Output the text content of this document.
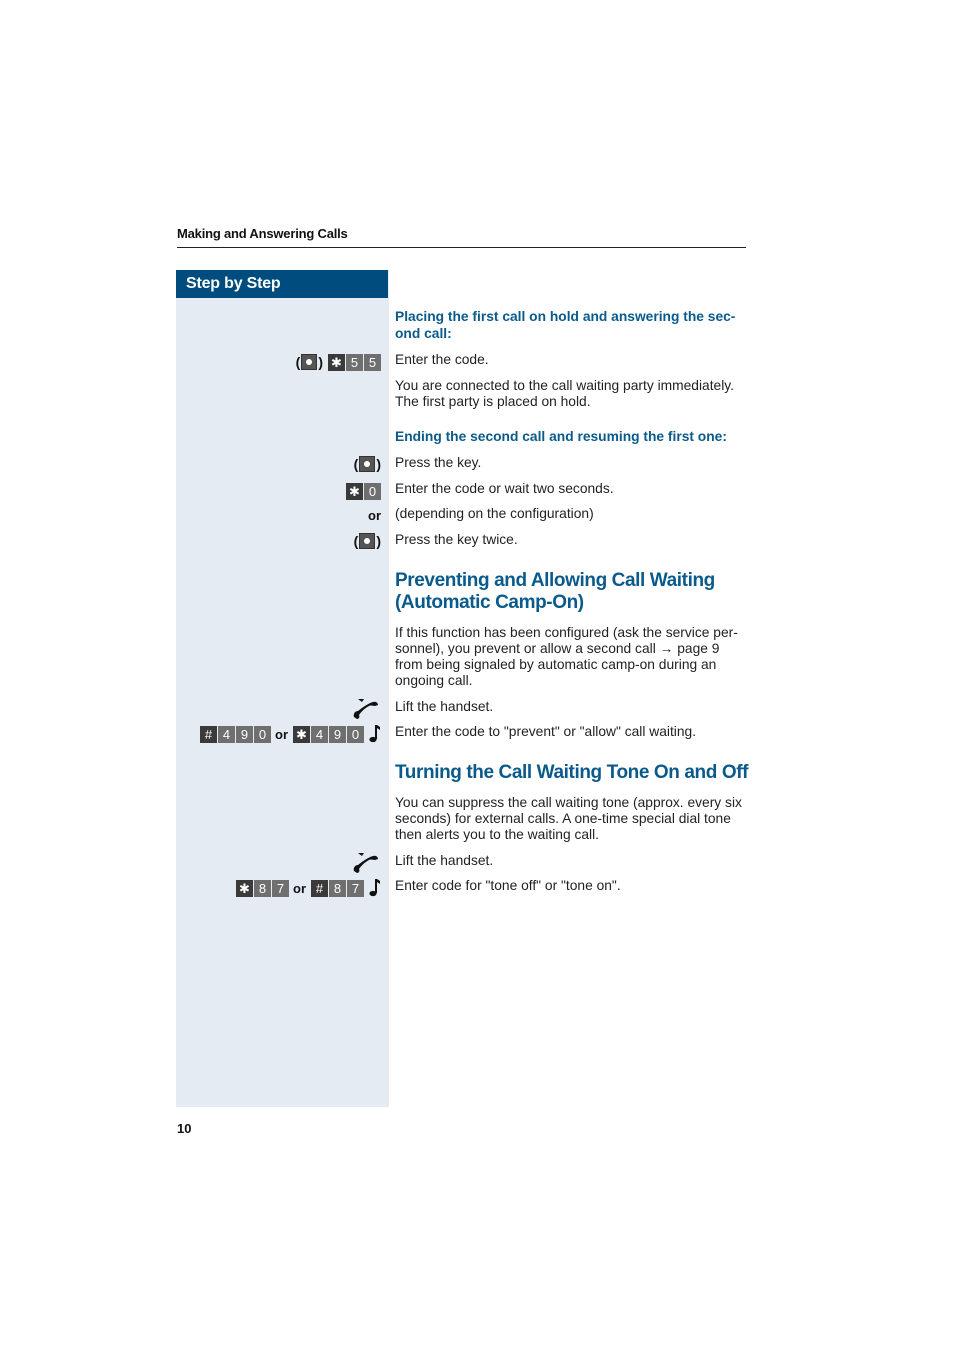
Making and Answering Calls
Step by Step
Placing the first call on hold and answering the sec-
ond call:
( ) ✱ 5 5	Enter the code.
You are connected to the call waiting party immediately.
The first party is placed on hold.
Ending the second call and resuming the first one:
( ) Press the key.
✱ 0	Enter the code or wait two seconds.
or (depending on the configuration)
( ) Press the key twice.
Preventing and Allowing Call Waiting
(Automatic Camp-On)
If this function has been configured (ask the service per-
sonnel), you prevent or allow a second call → page 9
from being signaled by automatic camp-on during an
ongoing call.
Lift the handset.
# 4 9 0 or ✱ 4 9 0	Enter the code to "prevent" or "allow" call waiting.
Turning the Call Waiting Tone On and Off
You can suppress the call waiting tone (approx. every six
seconds) for external calls. A one-time special dial tone
then alerts you to the waiting call.
Lift the handset.
✱ 8 7 or # 8 7	Enter code for "tone off" or "tone on".
10
